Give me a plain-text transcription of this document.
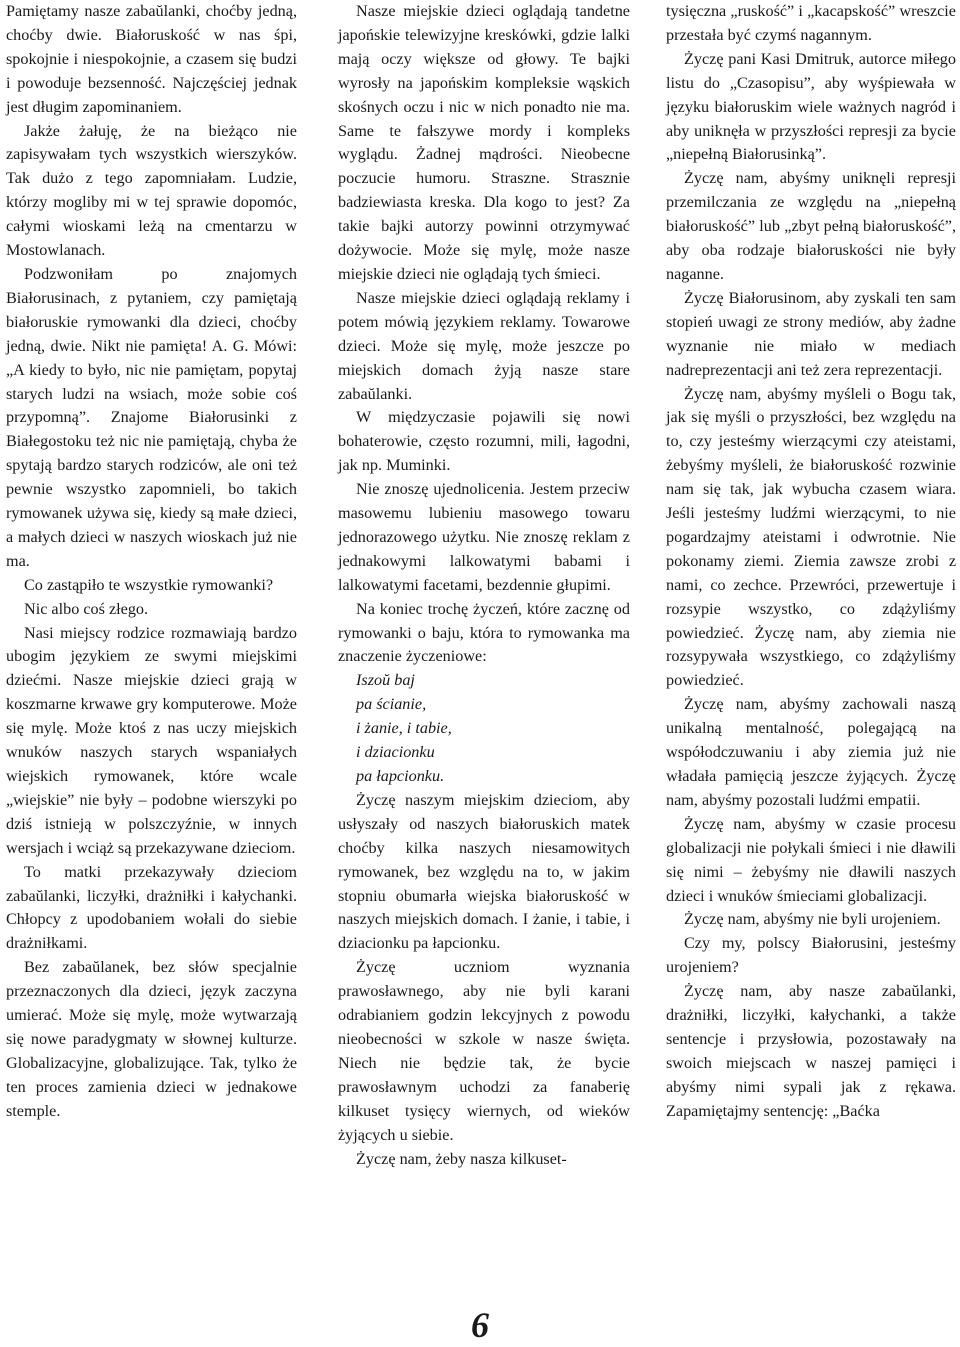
Pamiętamy nasze zabaŭlanki, choćby jedną, choćby dwie. Białoruskość w nas śpi, spokojnie i niespokojnie, a czasem się budzi i powoduje bezsenność. Najczęściej jednak jest długim zapominaniem.

Jakże żałuję, że na bieżąco nie zapisywałam tych wszystkich wierszyków. Tak dużo z tego zapomniałam. Ludzie, którzy mogliby mi w tej sprawie dopomóc, całymi wioskami leżą na cmentarzu w Mostowlanach.

Podzwoniłam po znajomych Białorusinach, z pytaniem, czy pamiętają białoruskie rymowanki dla dzieci, choćby jedną, dwie. Nikt nie pamięta! A. G. Mówi: „A kiedy to było, nic nie pamiętam, popytaj starych ludzi na wsiach, może sobie coś przypomną”. Znajome Białorusinki z Białegostoku też nic nie pamiętają, chyba że spytają bardzo starych rodziców, ale oni też pewnie wszystko zapomnieli, bo takich rymowanek używa się, kiedy są małe dzieci, a małych dzieci w naszych wioskach już nie ma.

Co zastąpiło te wszystkie rymowanki?

Nic albo coś złego.

Nasi miejscy rodzice rozmawiają bardzo ubogim językiem ze swymi miejskimi dziećmi. Nasze miejskie dzieci grają w koszmarne krwawe gry komputerowe. Może się mylę. Może ktoś z nas uczy miejskich wnuków naszych starych wspaniałych wiejskich rymowanek, które wcale „wiejskie” nie były – podobne wierszyki po dziś istnieją w polszczyźnie, w innych wersjach i wciąż są przekazywane dzieciom.

To matki przekazywały dzieciom zabaŭlanki, liczyłki, drażniłki i kałychanki. Chłopcy z upodobaniem wołali do siebie drażniłkami.

Bez zabaŭlanek, bez słów specjalnie przeznaczonych dla dzieci, język zaczyna umierać. Może się mylę, może wytwarzają się nowe paradygmaty w słownej kulturze. Globalizacyjne, globalizujące. Tak, tylko że ten proces zamienia dzieci w jednakowe stemple.

Nasze miejskie dzieci oglądają tandetne japońskie telewizyjne kreskówki, gdzie lalki mają oczy większe od głowy. Te bajki wyrosły na japońskim kompleksie wąskich skośnych oczu i nic w nich ponadto nie ma. Same te fałszywe mordy i kompleks wyglądu. Żadnej mądrości. Nieobecne poczucie humoru. Straszne. Strasznie badziewiasta kreska. Dla kogo to jest? Za takie bajki autorzy powinni otrzymywać dożywocie. Może się mylę, może nasze miejskie dzieci nie oglądają tych śmieci.

Nasze miejskie dzieci oglądają reklamy i potem mówią językiem reklamy. Towarowe dzieci. Może się mylę, może jeszcze po miejskich domach żyją nasze stare zabaŭlanki.

W międzyczasie pojawili się nowi bohaterowie, często rozumni, mili, łagodni, jak np. Muminki.

Nie znoszę ujednolicenia. Jestem przeciw masowemu lubieniu masowego towaru jednorazowego użytku. Nie znoszę reklam z jednakowymi lalkowatymi babami i lalkowatymi facetami, bezdennie głupimi.

Na koniec trochę życzeń, które zacznę od rymowanki o baju, która to rymowanka ma znaczenie życzeniowe:

Iszoŭ baj
pa ścianie,
i żanie, i tabie,
i dziacionku
pa łapcionku.

Życzę naszym miejskim dzieciom, aby usłyszały od naszych białoruskich matek choćby kilka naszych niesamowitych rymowanek, bez względu na to, w jakim stopniu obumarła wiejska białoruskość w naszych miejskich domach. I żanie, i tabie, i dziacionku pa łapcionku.

Życzę uczniom wyznania prawosławnego, aby nie byli karani odrabianiem godzin lekcyjnych z powodu nieobecności w szkole w nasze święta. Niech nie będzie tak, że bycie prawosławnym uchodzi za fanaberię kilkuset tysięcy wiernych, od wieków żyjących u siebie.

Życzę nam, żeby nasza kilkuset-

tysięczna „ruskość” i „kacapskość” wreszcie przestała być czymś nagannym.

Życzę pani Kasi Dmitruk, autorce miłego listu do „Czasopisu”, aby wyśpiewała w języku białoruskim wiele ważnych nagród i aby uniknęła w przyszłości represji za bycie „niepełną Białorusinką”.

Życzę nam, abyśmy uniknęli represji przemilczania ze względu na „niepełną białoruskość” lub „zbyt pełną białoruskość”, aby oba rodzaje białoruskości nie były naganne.

Życzę Białorusinom, aby zyskali ten sam stopień uwagi ze strony mediów, aby żadne wyznanie nie miało w mediach nadreprezentacji ani też zera reprezentacji.

Życzę nam, abyśmy myśleli o Bogu tak, jak się myśli o przyszłości, bez względu na to, czy jesteśmy wierzącymi czy ateistami, żebyśmy myśleli, że białoruskość rozwinie nam się tak, jak wybucha czasem wiara. Jeśli jesteśmy ludźmi wierzącymi, to nie pogardzajmy ateistami i odwrotnie. Nie pokonamy ziemi. Ziemia zawsze zrobi z nami, co zechce. Przewróci, przewertuje i rozsypie wszystko, co zdążyliśmy powiedzieć. Życzę nam, aby ziemia nie rozsypywała wszystkiego, co zdążyliśmy powiedzieć.

Życzę nam, abyśmy zachowali naszą unikalną mentalność, polegającą na współodczuwaniu i aby ziemia już nie władała pamięcią jeszcze żyjących. Życzę nam, abyśmy pozostali ludźmi empatii.

Życzę nam, abyśmy w czasie procesu globalizacji nie połykali śmieci i nie dławili się nimi – żebyśmy nie dławili naszych dzieci i wnuków śmieciami globalizacji.

Życzę nam, abyśmy nie byli urojeniem.

Czy my, polscy Białorusini, jesteśmy urojeniem?

Życzę nam, aby nasze zabaŭlanki, drażniłki, liczyłki, kałychanki, a także sentencje i przysłowia, pozostawały na swoich miejscach w naszej pamięci i abyśmy nimi sypali jak z rękawa. Zapamiętajmy sentencję: „Baćka

6
